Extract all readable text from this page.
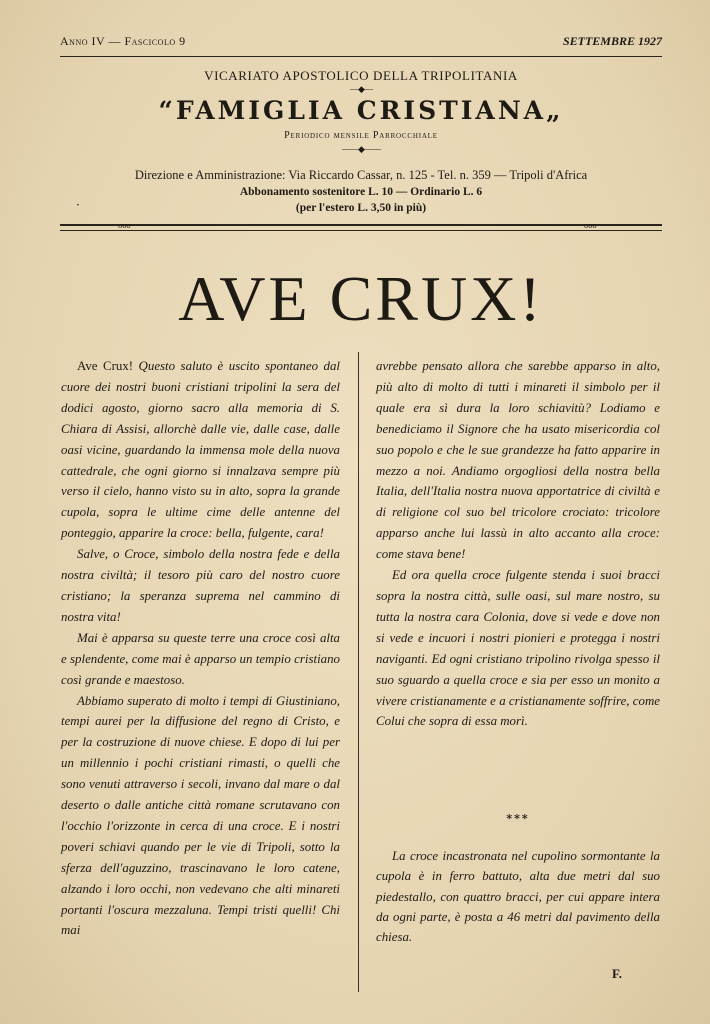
Anno IV — Fascicolo 9	SETTEMBRE 1927
VICARIATO APOSTOLICO DELLA TRIPOLITANIA
—◆—
“FAMIGLIA CRISTIANA„
Periodico mensile Parrocchiale
——◆——
Direzione e Amministrazione: Via Riccardo Cassar, n. 125 - Tel. n. 359 — Tripoli d'Africa
Abbonamento sostenitore L. 10 — Ordinario L. 6
·	(per l'estero L. 3,50 in più)
ooo	ooo
AVE CRUX!

Ave Crux! Questo saluto è uscito spontaneo dal cuore dei nostri buoni cristiani tripolini la sera del dodici agosto, giorno sacro alla memoria di S. Chiara di Assisi, allorchè dalle vie, dalle case, dalle oasi vicine, guardando la immensa mole della nuova cattedrale, che ogni giorno si innalzava sempre più verso il cielo, hanno visto su in alto, sopra la grande cupola, sopra le ultime cime delle antenne del ponteggio, apparire la croce: bella, fulgente, cara!

Salve, o Croce, simbolo della nostra fede e della nostra civiltà; il tesoro più caro del nostro cuore cristiano; la speranza suprema nel cammino di nostra vita!

Mai è apparsa su queste terre una croce così alta e splendente, come mai è apparso un tempio cristiano così grande e maestoso.

Abbiamo superato di molto i tempi di Giustiniano, tempi aurei per la diffusione del regno di Cristo, e per la costruzione di nuove chiese. E dopo di lui per un millennio i pochi cristiani rimasti, o quelli che sono venuti attraverso i secoli, invano dal mare o dal deserto o dalle antiche città romane scrutavano con l'occhio l'orizzonte in cerca di una croce. E i nostri poveri schiavi quando per le vie di Tripoli, sotto la sferza dell'aguzzino, trascinavano le loro catene, alzando i loro occhi, non vedevano che alti minareti portanti l'oscura mezzaluna. Tempi tristi quelli! Chi mai

avrebbe pensato allora che sarebbe apparso in alto, più alto di molto di tutti i minareti il simbolo per il quale era sì dura la loro schiavitù? Lodiamo e benediciamo il Signore che ha usato misericordia col suo popolo e che le sue grandezze ha fatto apparire in mezzo a noi. Andiamo orgogliosi della nostra bella Italia, dell'Italia nostra nuova apportatrice di civiltà e di religione col suo bel tricolore crociato: tricolore apparso anche lui lassù in alto accanto alla croce: come stava bene!

Ed ora quella croce fulgente stenda i suoi bracci sopra la nostra città, sulle oasi, sul mare nostro, su tutta la nostra cara Colonia, dove si vede e dove non si vede e incuori i nostri pionieri e protegga i nostri naviganti. Ed ogni cristiano tripolino rivolga spesso il suo sguardo a quella croce e sia per esso un monito a vivere cristianamente e a cristianamente soffrire, come Colui che sopra di essa morì.

***

La croce incastronata nel cupolino sormontante la cupola è in ferro battuto, alta due metri dal suo piedestallo, con quattro bracci, per cui appare intera da ogni parte, è posta a 46 metri dal pavimento della chiesa.

F.
